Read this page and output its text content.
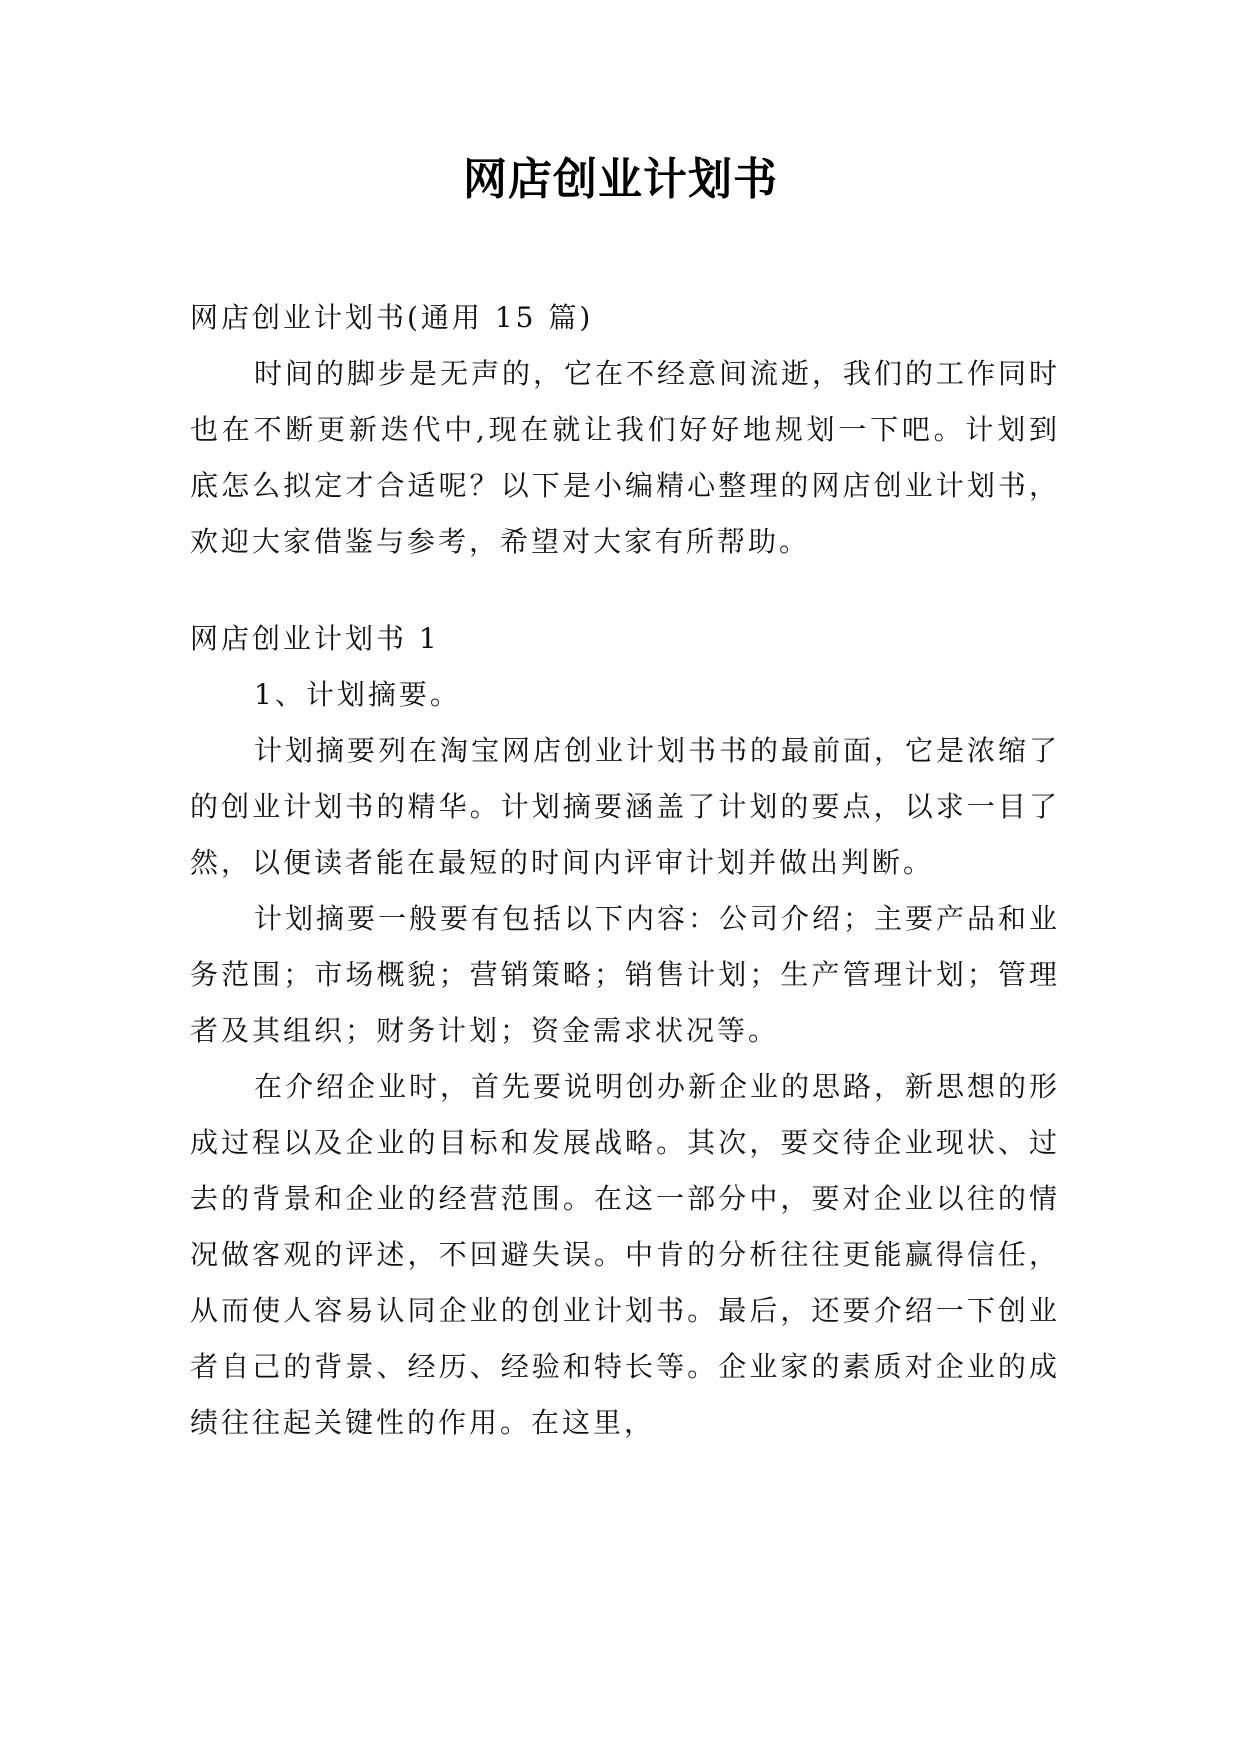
网店创业计划书

网店创业计划书(通用 15 篇)

时间的脚步是无声的，它在不经意间流逝，我们的工作同时也在不断更新迭代中,现在就让我们好好地规划一下吧。计划到底怎么拟定才合适呢？以下是小编精心整理的网店创业计划书，欢迎大家借鉴与参考，希望对大家有所帮助。

网店创业计划书 1

1、计划摘要。

计划摘要列在淘宝网店创业计划书书的最前面，它是浓缩了的创业计划书的精华。计划摘要涵盖了计划的要点，以求一目了然，以便读者能在最短的时间内评审计划并做出判断。

计划摘要一般要有包括以下内容：公司介绍；主要产品和业务范围；市场概貌；营销策略；销售计划；生产管理计划；管理者及其组织；财务计划；资金需求状况等。

在介绍企业时，首先要说明创办新企业的思路，新思想的形成过程以及企业的目标和发展战略。其次，要交待企业现状、过去的背景和企业的经营范围。在这一部分中，要对企业以往的情况做客观的评述，不回避失误。中肯的分析往往更能赢得信任，从而使人容易认同企业的创业计划书。最后，还要介绍一下创业者自己的背景、经历、经验和特长等。企业家的素质对企业的成绩往往起关键性的作用。在这里，
